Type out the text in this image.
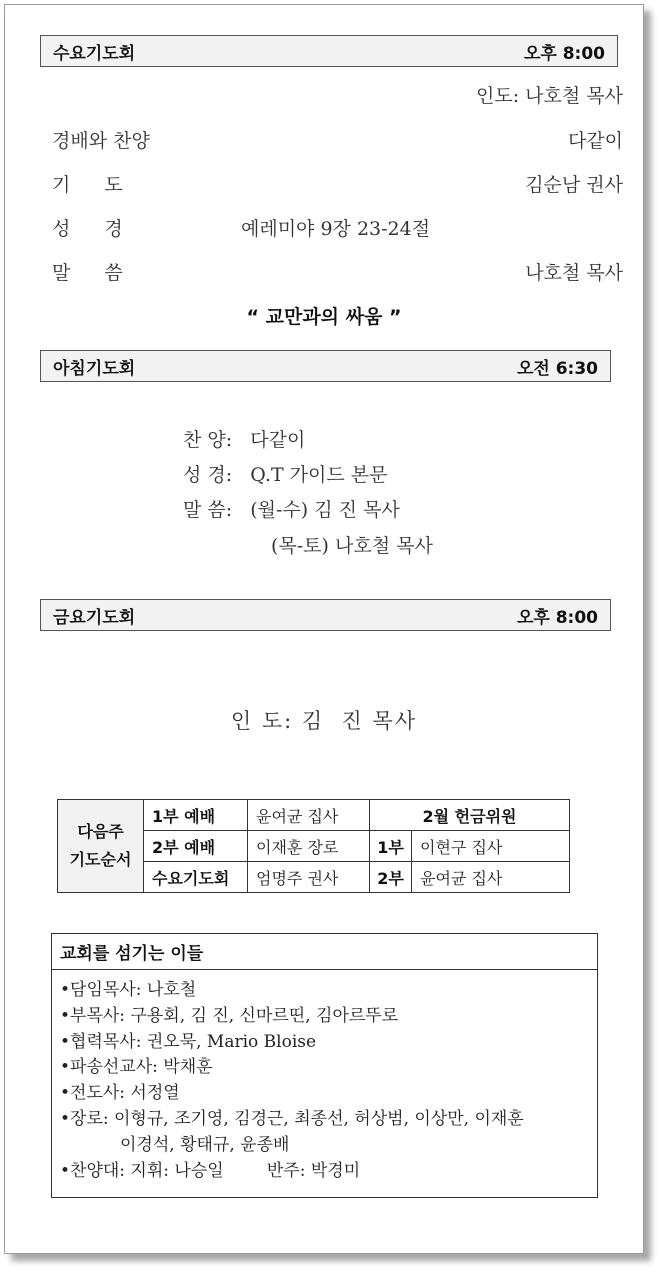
수요기도회	오후 8:00
인도: 나호철 목사
경배와 찬양	다같이
기 도	김순남 권사
성 경	예레미야 9장 23-24절
말 씀	나호철 목사
“ 교만과의 싸움 ”
아침기도회	오전 6:30
찬 양:   다같이
성 경:   Q.T 가이드 본문
말 씀:   (월-수) 김 진 목사
(목-토) 나호철 목사
금요기도회	오후 8:00
인 도: 김  진 목사
다음주
기도순서	1부 예배	윤여균 집사	2월 헌금위원	
	2부 예배	이재훈 장로	1부	이현구 집사
	수요기도회	엄명주 권사	2부	윤여균 집사
교회를 섬기는 이들
•담임목사: 나호철
•부목사: 구용회, 김 진, 신마르띤, 김아르뚜로
•협력목사: 권오묵, Mario Bloise
•파송선교사: 박채훈
•전도사: 서정열
•장로: 이형규, 조기영, 김경근, 최종선, 허상범, 이상만, 이재훈
이경석, 황태규, 윤종배
•찬양대: 지휘: 나승일        반주: 박경미
